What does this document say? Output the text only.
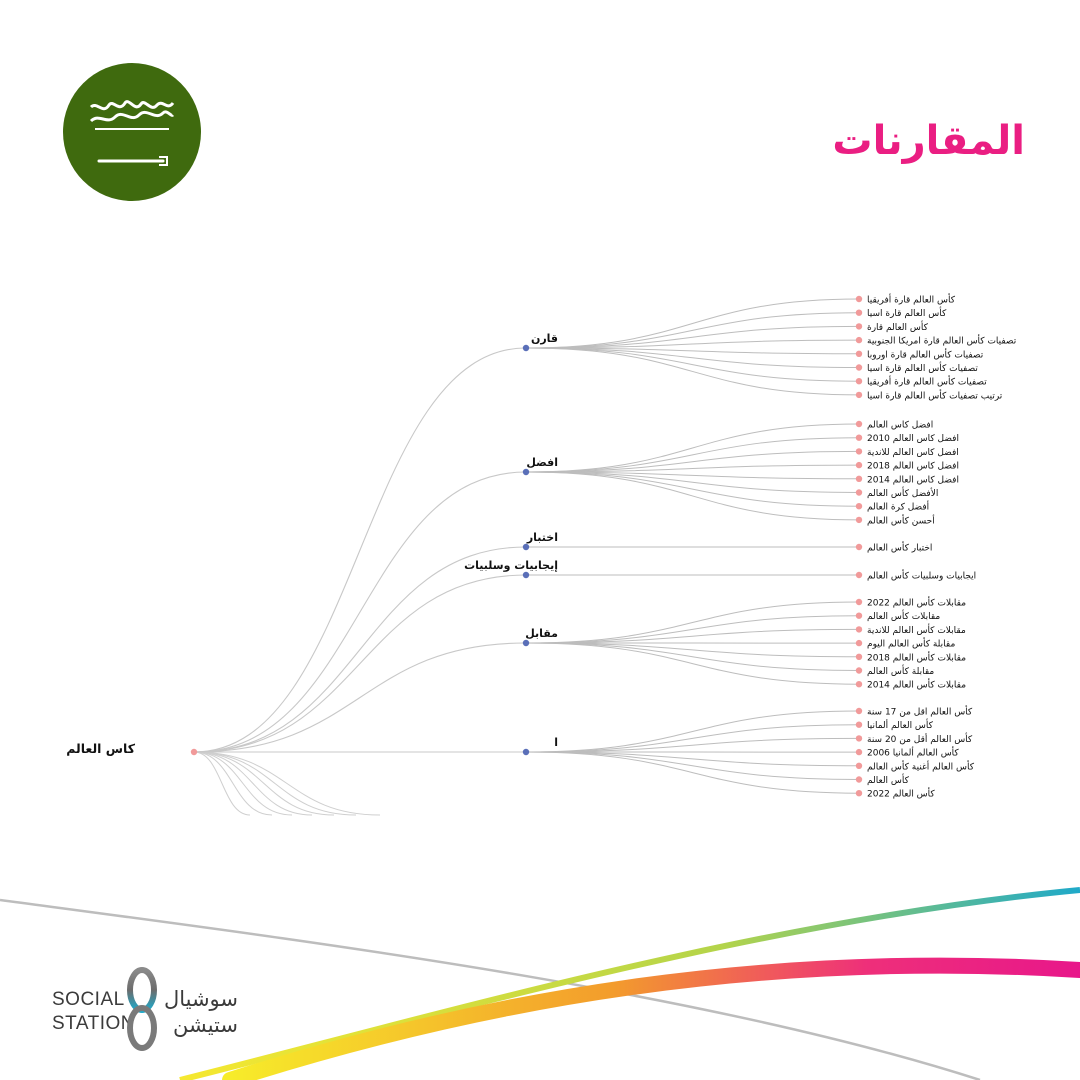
المقارنات
كأس العالم قارة أفريقيا
كأس العالم قارة اسيا
كأس العالم قارة
تصفيات كأس العالم قارة امريكا الجنوبية
تصفيات كأس العالم قارة اوروبا
تصفيات كأس العالم قارة اسيا
تصفيات كأس العالم قارة أفريقيا
ترتيب تصفيات كأس العالم قارة اسيا
قارن
افضل كاس العالم
افضل كاس العالم 2010
افضل كاس العالم للاندية
افضل كاس العالم 2018
افضل كاس العالم 2014
الأفضل كأس العالم
أفضل كرة العالم
أحسن كأس العالم
افضل
اختبار كأس العالم
اختبار
ايجابيات وسلبيات كأس العالم
إيجابيات وسلبيات
مقابلات كأس العالم 2022
مقابلات كأس العالم
مقابلات كأس العالم للاندية
مقابلة كأس العالم اليوم
مقابلات كأس العالم 2018
مقابلة كأس العالم
مقابلات كأس العالم 2014
مقابل
كأس العالم اقل من 17 سنة
كأس العالم ألمانيا
كأس العالم أقل من 20 سنة
كأس العالم ألمانيا 2006
كأس العالم أغنية كأس العالم
كأس العالم
كأس العالم 2022
ا
كاس العالم
SOCIAL
STATION
سوشيال
ستيشن
